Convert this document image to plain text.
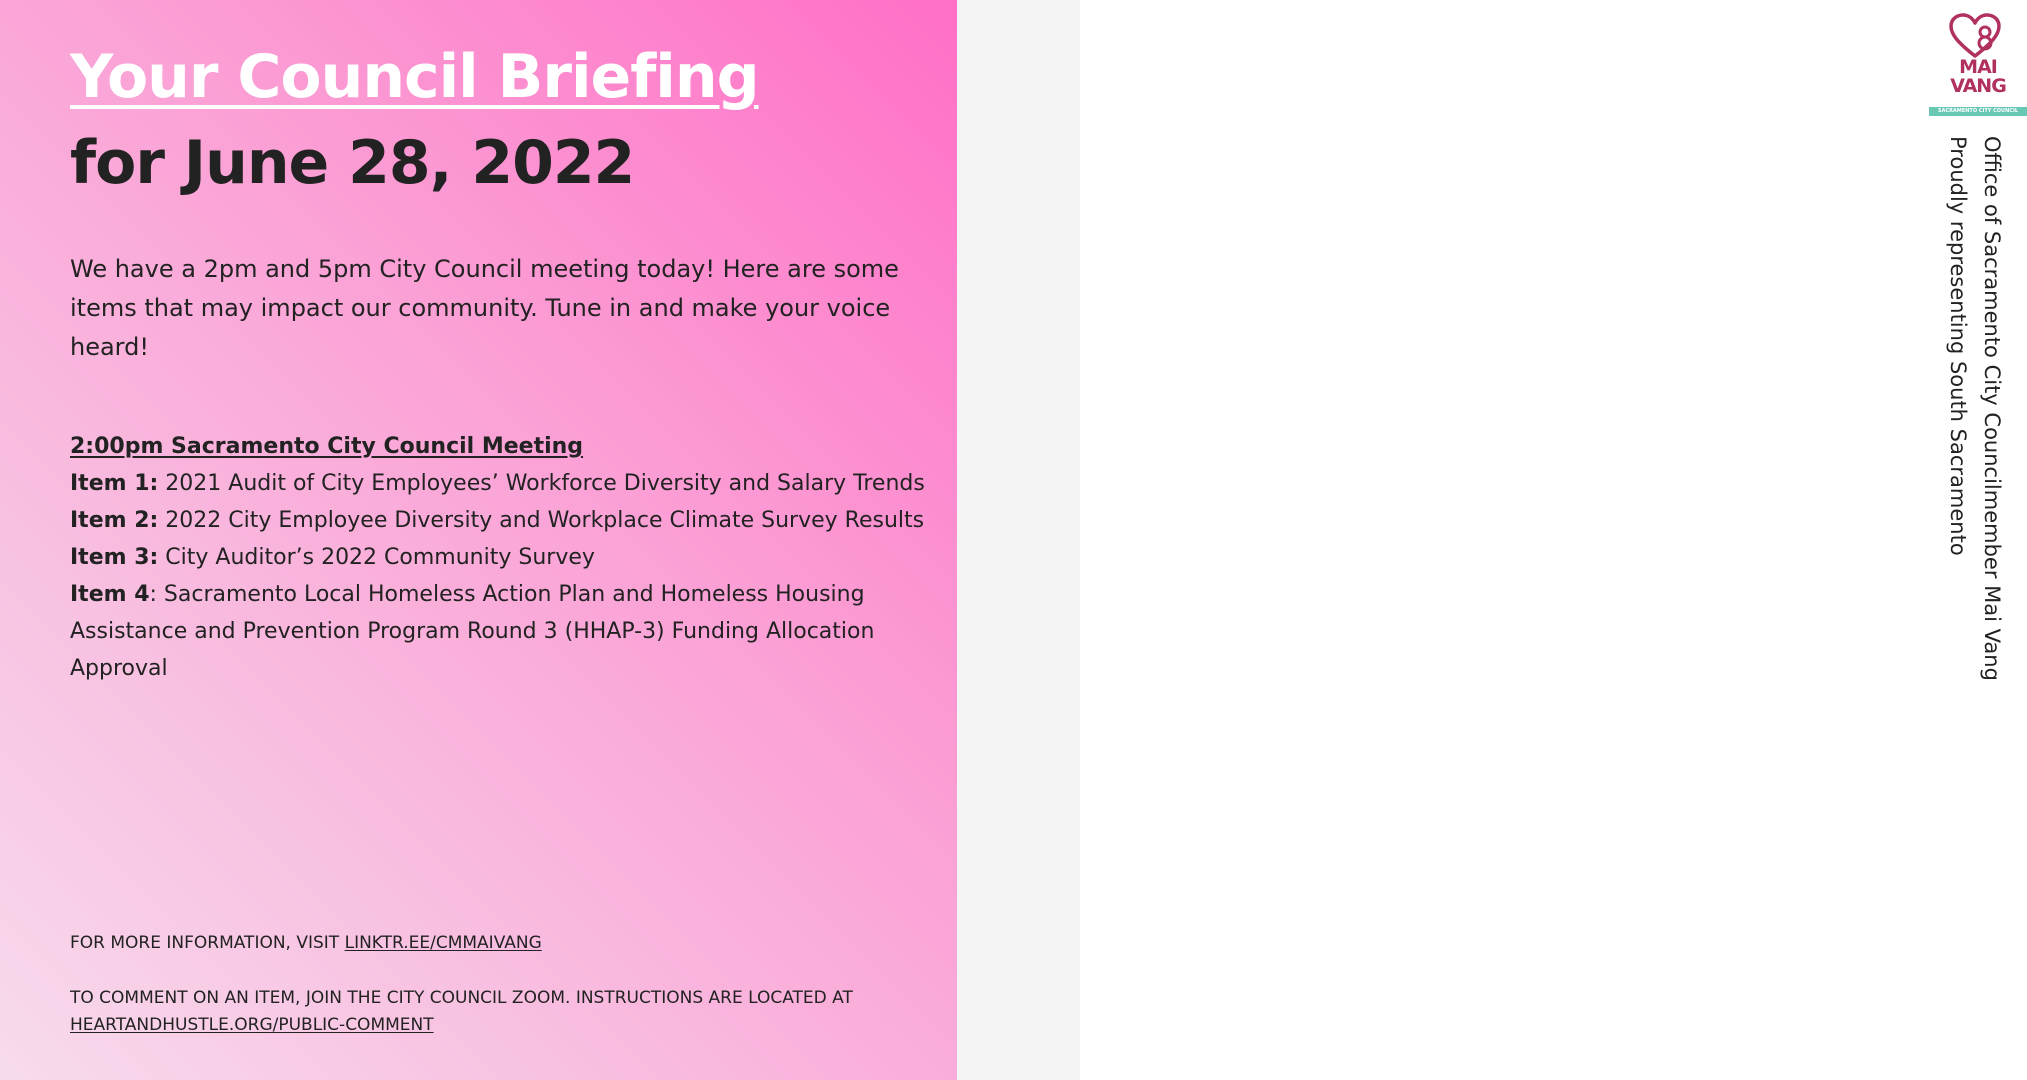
Your Council Briefing
for June 28, 2022

We have a 2pm and 5pm City Council meeting today! Here are some items that may impact our community. Tune in and make your voice heard!

2:00pm Sacramento City Council Meeting
Item 1: 2021 Audit of City Employees’ Workforce Diversity and Salary Trends
Item 2: 2022 City Employee Diversity and Workplace Climate Survey Results
Item 3: City Auditor’s 2022 Community Survey
Item 4: Sacramento Local Homeless Action Plan and Homeless Housing Assistance and Prevention Program Round 3 (HHAP-3) Funding Allocation Approval
FOR MORE INFORMATION, VISIT LINKTR.EE/CMMAIVANG
TO COMMENT ON AN ITEM, JOIN THE CITY COUNCIL ZOOM. INSTRUCTIONS ARE LOCATED AT HEARTANDHUSTLE.ORG/PUBLIC-COMMENT
MAI
VANG
SACRAMENTO CITY COUNCIL
Office of Sacramento City Councilmember Mai Vang
Proudly representing South Sacramento
